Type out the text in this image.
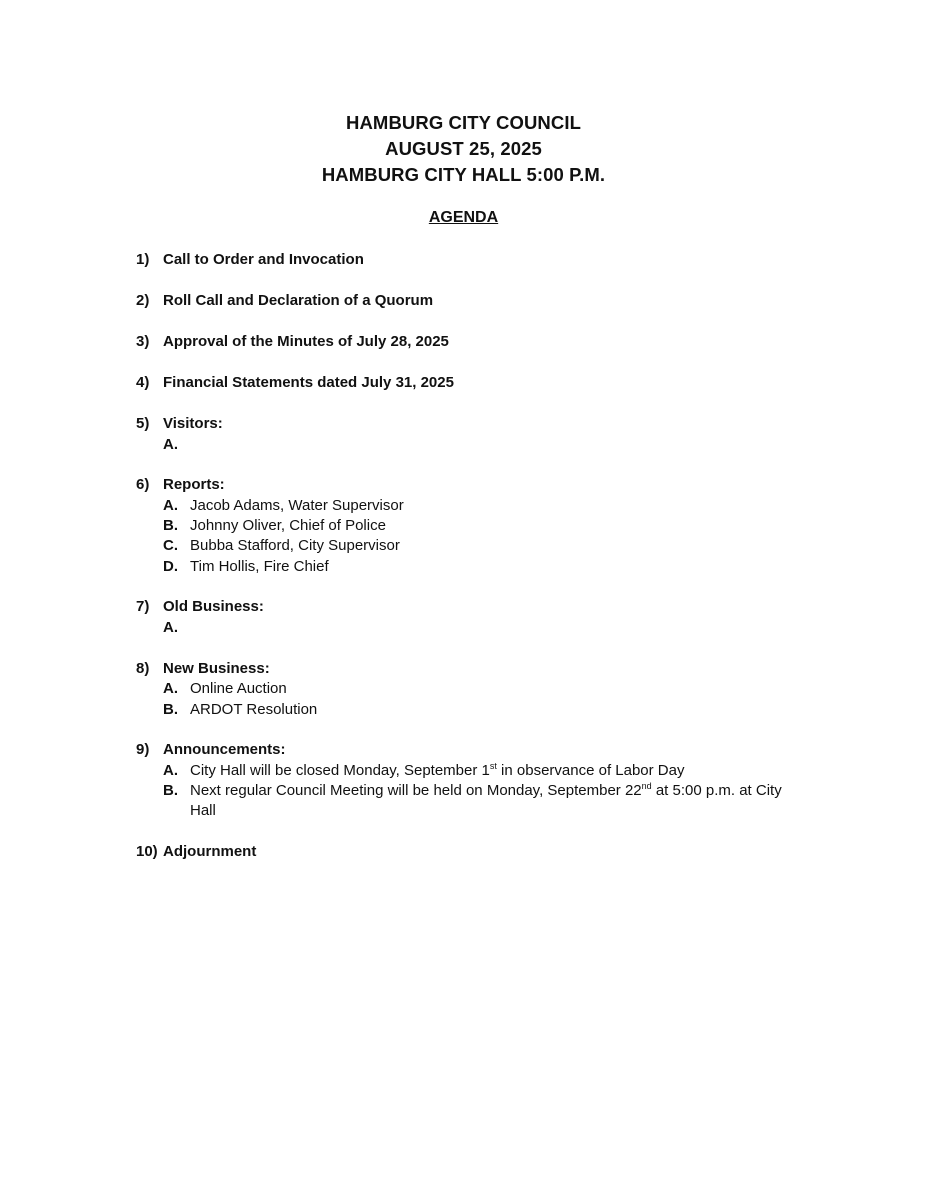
HAMBURG CITY COUNCIL
AUGUST 25, 2025
HAMBURG CITY HALL 5:00 P.M.
AGENDA
1) Call to Order and Invocation
2) Roll Call and Declaration of a Quorum
3) Approval of the Minutes of July 28, 2025
4) Financial Statements dated July 31, 2025
5) Visitors:
A.
6) Reports:
A. Jacob Adams, Water Supervisor
B. Johnny Oliver, Chief of Police
C. Bubba Stafford, City Supervisor
D. Tim Hollis, Fire Chief
7) Old Business:
A.
8) New Business:
A. Online Auction
B. ARDOT Resolution
9) Announcements:
A. City Hall will be closed Monday, September 1st in observance of Labor Day
B. Next regular Council Meeting will be held on Monday, September 22nd at 5:00 p.m. at City Hall
10) Adjournment
